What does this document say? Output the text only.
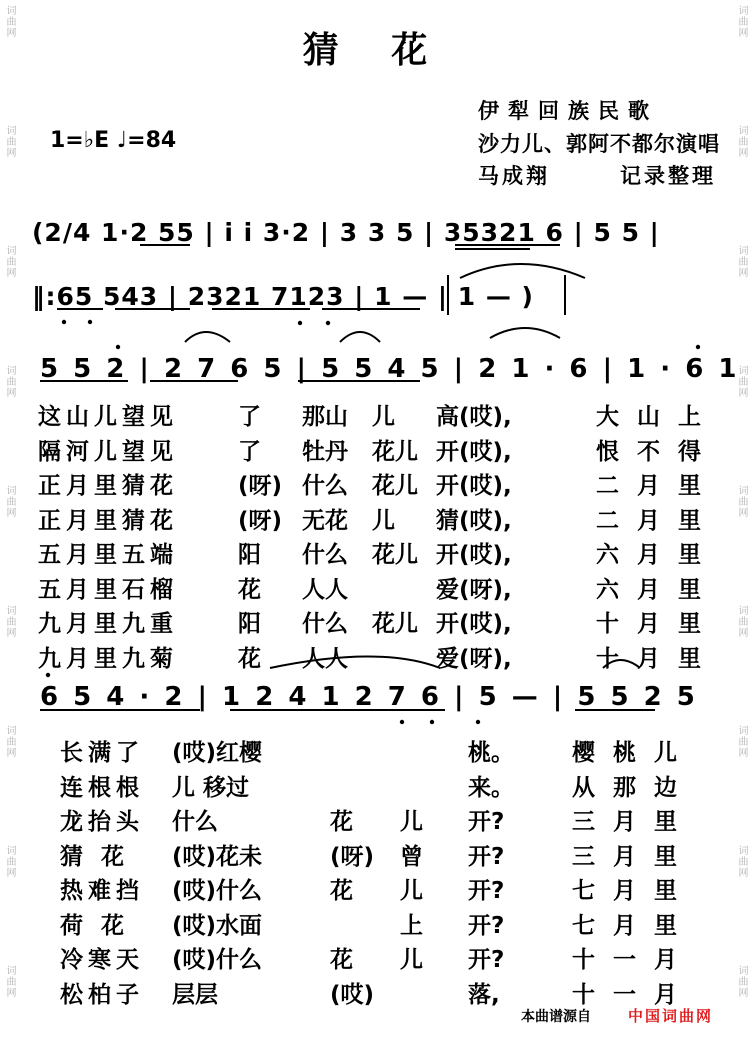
词曲网
词曲网
词曲网
词曲网
词曲网
词曲网
词曲网
词曲网
词曲网
词曲网
词曲网
词曲网
词曲网
词曲网
词曲网
词曲网
词曲网
词曲网
猜 花
1=♭E ♩=84
伊犁回族民歌
沙力儿、郭阿不都尔演唱
马成翔	记录整理
(2/4 1·2 55 | i i 3·2 | 3 3 5 | 35321 6 | 5 5 |
‖:65 543 | 2321 7123 | 1 — | 1 — )
5 5 2 | 2 7 6 5 | 5 5 4 5 | 2 1 · 6 | 1 · 6 1
6 5 4 · 2 | 1 2 4 1 2 7 6 | 5 — | 5 5 2 5
这山儿望见	了 那山 儿 高(哎),	大 山 上
隔河儿望见	了 牡丹 花儿 开(哎),	恨 不 得
正月里猜花	(呀) 什么 花儿 开(哎),	二 月 里
正月里猜花	(呀) 无花 儿 猜(哎),	二 月 里
五月里五端	阳 什么 花儿 开(哎),	六 月 里
五月里石榴	花 人人	爱(呀),	六 月 里
九月里九重	阳 什么 花儿 开(哎),	十 月 里
九月里九菊	花 人人	爱(呀),	十 月 里
长满了 (哎)红樱	桃。	樱 桃 儿
连根根 儿 移过	来。	从 那 边
龙抬头 什么	花 儿 开?	三 月 里
猜 花 (哎)花未	(呀) 曾 开?	三 月 里
热难挡 (哎)什么	花 儿 开?	七 月 里
荷 花 (哎)水面	上 开?	七 月 里
冷寒天 (哎)什么	花 儿 开?	十 一 月
松柏子 层层	(哎)	落,	十 一 月
本曲谱源自 中国词曲网
